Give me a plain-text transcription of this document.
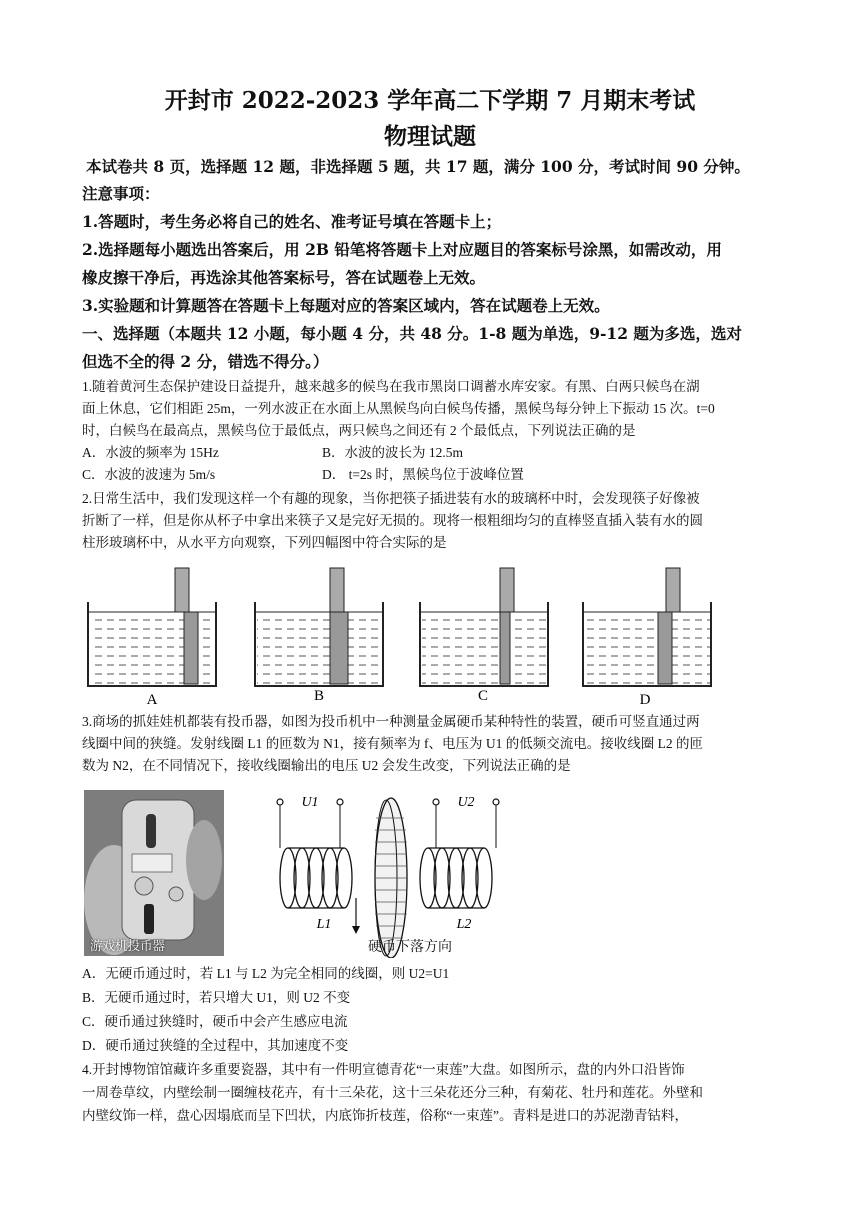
开封市 2022-2023 学年高二下学期 7 月期末考试
物理试题
本试卷共 8 页，选择题 12 题，非选择题 5 题，共 17 题，满分 100 分，考试时间 90 分钟。
注意事项：
1.答题时，考生务必将自己的姓名、准考证号填在答题卡上；
2.选择题每小题选出答案后，用 2B 铅笔将答题卡上对应题目的答案标号涂黑，如需改动，用
橡皮擦干净后，再选涂其他答案标号，答在试题卷上无效。
3.实验题和计算题答在答题卡上每题对应的答案区域内，答在试题卷上无效。
一、选择题（本题共 12 小题，每小题 4 分，共 48 分。1-8 题为单选，9-12 题为多选，选对
但选不全的得 2 分，错选不得分。）
1.随着黄河生态保护建设日益提升，越来越多的候鸟在我市黑岗口调蓄水库安家。有黑、白两只候鸟在湖
面上休息，它们相距 25m，一列水波正在水面上从黑候鸟向白候鸟传播，黑候鸟每分钟上下振动 15 次。t=0
时，白候鸟在最高点，黑候鸟位于最低点，两只候鸟之间还有 2 个最低点，下列说法正确的是
A．水波的频率为 15Hz	B．水波的波长为 12.5m
C．水波的波速为 5m/s	D． t=2s 时，黑候鸟位于波峰位置
2.日常生活中，我们发现这样一个有趣的现象，当你把筷子插进装有水的玻璃杯中时，会发现筷子好像被
折断了一样，但是你从杯子中拿出来筷子又是完好无损的。现将一根粗细均匀的直棒竖直插入装有水的圆
柱形玻璃杯中，从水平方向观察，下列四幅图中符合实际的是
A	B	C	D
3.商场的抓娃娃机都装有投币器，如图为投币机中一种测量金属硬币某种特性的装置，硬币可竖直通过两
线圈中间的狭缝。发射线圈 L1 的匝数为 N1，接有频率为 f、电压为 U1 的低频交流电。接收线圈 L2 的匝
数为 N2，在不同情况下，接收线圈输出的电压 U2 会发生改变，下列说法正确的是
游戏机投币器
U1	U2
L1	L2
硬币下落方向
A．无硬币通过时，若 L1 与 L2 为完全相同的线圈，则 U2=U1
B．无硬币通过时，若只增大 U1，则 U2 不变
C．硬币通过狭缝时，硬币中会产生感应电流
D．硬币通过狭缝的全过程中，其加速度不变
4.开封博物馆馆藏许多重要瓷器，其中有一件明宣德青花“一束莲”大盘。如图所示，盘的内外口沿皆饰
一周卷草纹，内壁绘制一圈缠枝花卉，有十三朵花，这十三朵花还分三种，有菊花、牡丹和莲花。外壁和
内壁纹饰一样，盘心因塌底而呈下凹状，内底饰折枝莲，俗称“一束莲”。青料是进口的苏泥渤青钴料，
